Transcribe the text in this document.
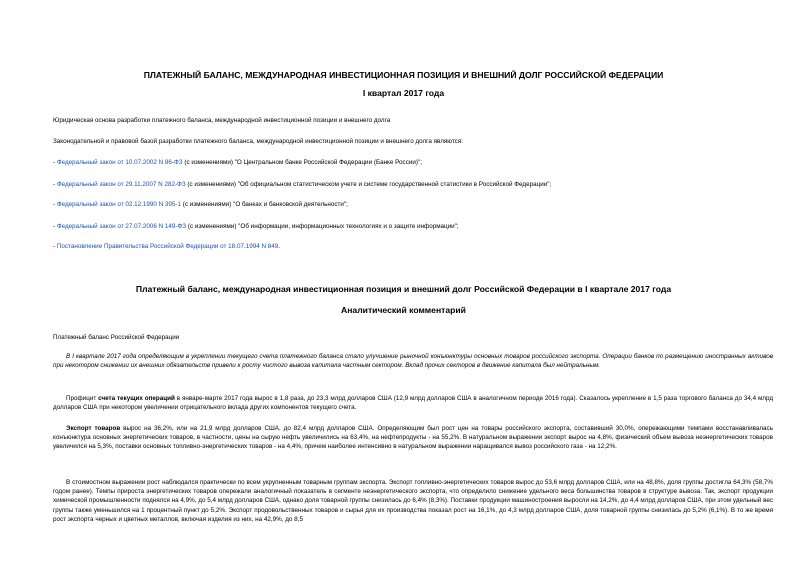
ПЛАТЕЖНЫЙ БАЛАНС, МЕЖДУНАРОДНАЯ ИНВЕСТИЦИОННАЯ ПОЗИЦИЯ И ВНЕШНИЙ ДОЛГ РОССИЙСКОЙ ФЕДЕРАЦИИ
I квартал 2017 года
Юридическая основа разработки платежного баланса, международной инвестиционной позиции и внешнего долга
Законодательной и правовой базой разработки платежного баланса, международной инвестиционной позиции и внешнего долга являются:
- Федеральный закон от 10.07.2002 N 86-ФЗ (с изменениями) "О Центральном банке Российской Федерации (Банке России)";
- Федеральный закон от 29.11.2007 N 282-ФЗ (с изменениями) "Об официальном статистическом учете и системе государственной статистики в Российской Федерации";
- Федеральный закон от 02.12.1990 N 395-1 (с изменениями) "О банках и банковской деятельности";
- Федеральный закон от 27.07.2006 N 149-ФЗ (с изменениями) "Об информации, информационных технологиях и о защите информации";
- Постановление Правительства Российской Федерации от 18.07.1994 N 849.
Платежный баланс, международная инвестиционная позиция и внешний долг Российской Федерации в I квартале 2017 года
Аналитический комментарий
Платежный баланс Российской Федерации
В I квартале 2017 года определяющим в укреплении текущего счета платежного баланса стало улучшение рыночной конъюнктуры основных товаров российского экспорта. Операции банков по размещению иностранных активов при некотором снижении их внешних обязательств привели к росту чистого вывоза капитала частным сектором. Вклад прочих секторов в движение капитала был нейтральным.
Профицит счета текущих операций в январе-марте 2017 года вырос в 1,8 раза, до 23,3 млрд долларов США (12,9 млрд долларов США в аналогичном периоде 2016 года). Сказалось укрепление в 1,5 раза торгового баланса до 34,4 млрд долларов США при некотором увеличении отрицательного вклада других компонентов текущего счета.
Экспорт товаров вырос на 36,2%, или на 21,9 млрд долларов США, до 82,4 млрд долларов США. Определяющим был рост цен на товары российского экспорта, составивший 30,0%, опережающими темпами восстанавливалась конъюнктура основных энергетических товаров, в частности, цены на сырую нефть увеличились на 63,4%, на нефтепродукты - на 55,2%. В натуральном выражении экспорт вырос на 4,8%, физический объем вывоза неэнергетических товаров увеличился на 5,3%, поставки основных топливно-энергетических товаров - на 4,4%, причем наиболее интенсивно в натуральном выражении наращивался вывоз российского газа - на 12,2%.
В стоимостном выражении рост наблюдался практически по всем укрупненным товарным группам экспорта. Экспорт топливно-энергетических товаров вырос до 53,6 млрд долларов США, или на 48,8%, доля группы достигла 64,3% (58,7% годом ранее). Темпы прироста энергетических товаров опережали аналогичный показатель в сегменте неэнергетического экспорта, что определило снижение удельного веса большинства товаров в структуре вывоза. Так, экспорт продукции химической промышленности поднялся на 4,9%, до 5,4 млрд долларов США, однако доля товарной группы снизилась до 6,4% (8,3%). Поставки продукции машиностроения выросли на 14,2%, до 4,4 млрд долларов США, при этом удельный вес группы также уменьшился на 1 процентный пункт до 5,2%. Экспорт продовольственных товаров и сырья для их производства показал рост на 16,1%, до 4,3 млрд долларов США, доля товарной группы снизилась до 5,2% (6,1%). В то же время рост экспорта черных и цветных металлов, включая изделия из них, на 42,9%, до 8,5
